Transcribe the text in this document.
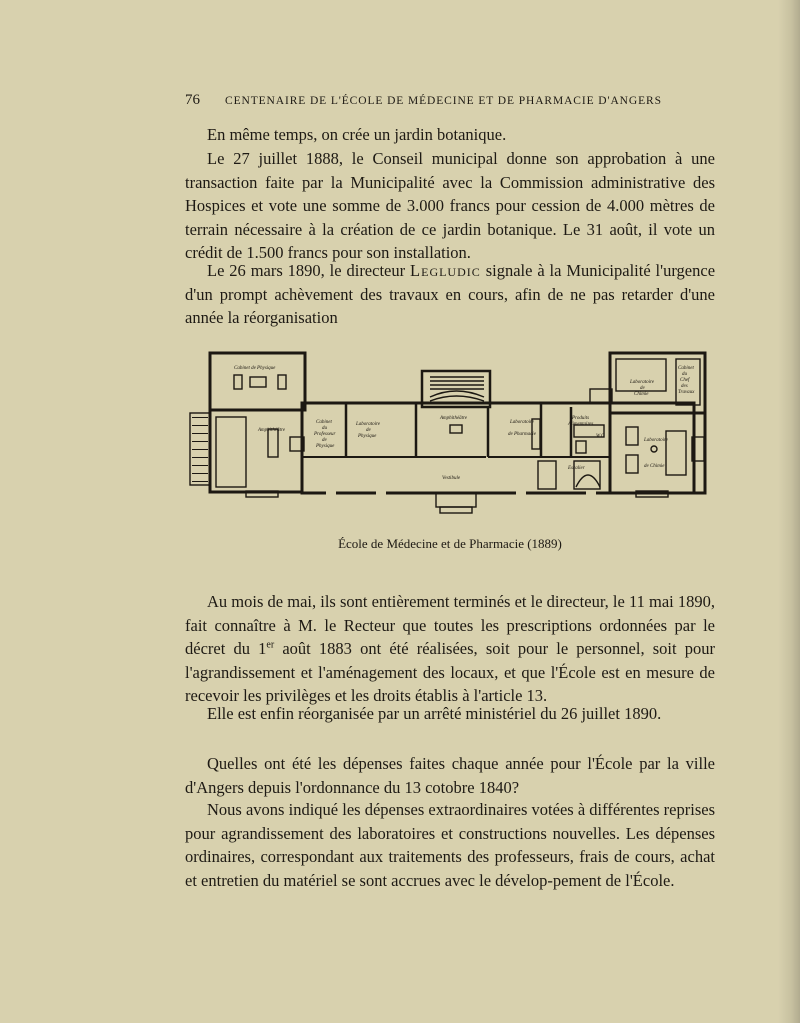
76 CENTENAIRE DE L'ÉCOLE DE MÉDECINE ET DE PHARMACIE D'ANGERS

En même temps, on crée un jardin botanique.

Le 27 juillet 1888, le Conseil municipal donne son approbation à une transaction faite par la Municipalité avec la Commission administrative des Hospices et vote une somme de 3.000 francs pour cession de 4.000 mètres de terrain nécessaire à la création de ce jardin botanique. Le 31 août, il vote un crédit de 1.500 francs pour son installation.

Le 26 mars 1890, le directeur Legludic signale à la Municipalité l'urgence d'un prompt achèvement des travaux en cours, afin de ne pas retarder d'une année la réorganisation

Cabinet de Physique
Amphithéâtre
Cabinet
du
Professeur
de
Physique
Laboratoire
de
Physique
Amphithéâtre
Vestibule
Laboratoire
de Pharmacie
Produits
Alimentaires
W.C
Escalier
Laboratoire
de
Chimie
Cabinet
du
Chef
des
Travaux
Laboratoire
de Chimie
École de Médecine et de Pharmacie (1889)

Au mois de mai, ils sont entièrement terminés et le directeur, le 11 mai 1890, fait connaître à M. le Recteur que toutes les prescriptions ordonnées par le décret du 1er août 1883 ont été réalisées, soit pour le personnel, soit pour l'agrandissement et l'aménagement des locaux, et que l'École est en mesure de recevoir les privilèges et les droits établis à l'article 13.

Elle est enfin réorganisée par un arrêté ministériel du 26 juillet 1890.

Quelles ont été les dépenses faites chaque année pour l'École par la ville d'Angers depuis l'ordonnance du 13 cotobre 1840?

Nous avons indiqué les dépenses extraordinaires votées à différentes reprises pour agrandissement des laboratoires et constructions nouvelles. Les dépenses ordinaires, correspondant aux traitements des professeurs, frais de cours, achat et entretien du matériel se sont accrues avec le dévelop-pement de l'École.
